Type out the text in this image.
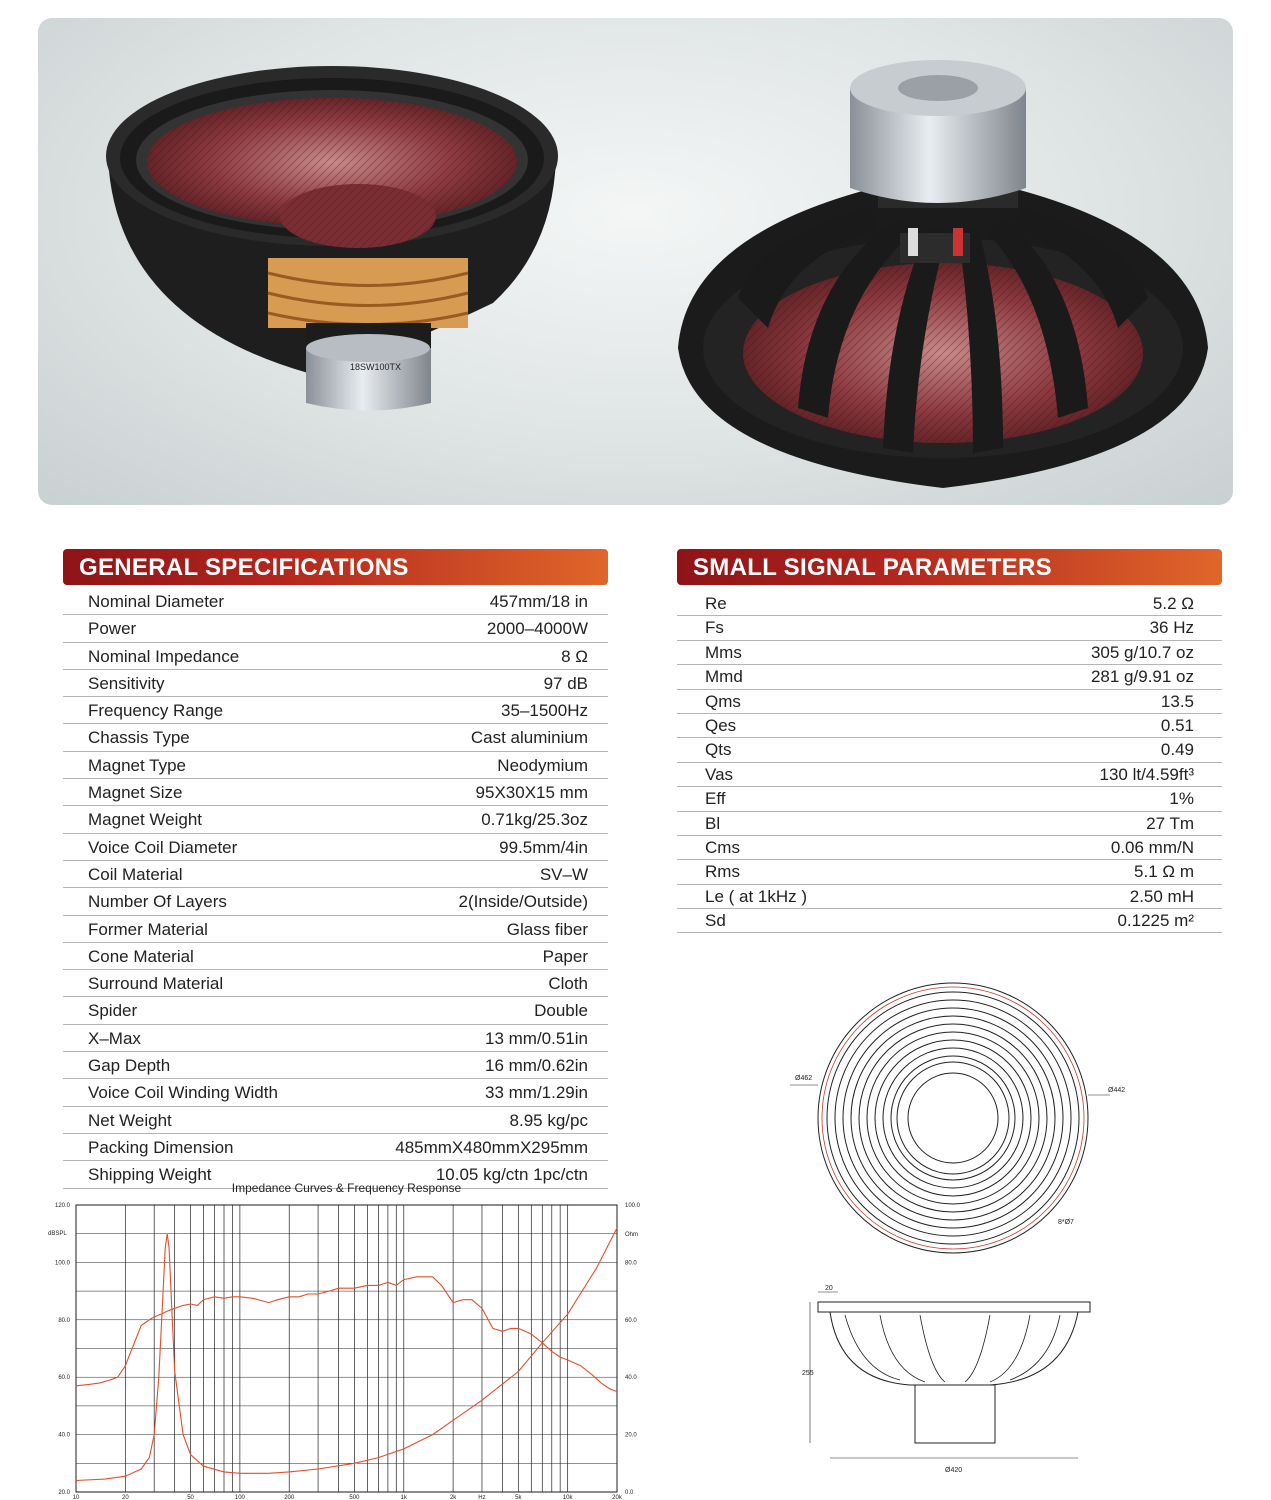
18SW100TX
GENERAL SPECIFICATIONS
Nominal Diameter	457mm/18 in
Power	2000–4000W
Nominal Impedance	8 Ω
Sensitivity	97 dB
Frequency Range	35–1500Hz
Chassis Type	Cast aluminium
Magnet Type	Neodymium
Magnet Size	95X30X15 mm
Magnet Weight	0.71kg/25.3oz
Voice Coil Diameter	99.5mm/4in
Coil Material	SV–W
Number Of Layers	2(Inside/Outside)
Former Material	Glass fiber
Cone Material	Paper
Surround Material	Cloth
Spider	Double
X–Max	13 mm/0.51in
Gap Depth	16 mm/0.62in
Voice Coil Winding Width	33 mm/1.29in
Net Weight	8.95 kg/pc
Packing Dimension	485mmX480mmX295mm
Shipping Weight	10.05 kg/ctn 1pc/ctn
SMALL SIGNAL PARAMETERS
Re	5.2 Ω
Fs	36 Hz
Mms	305 g/10.7 oz
Mmd	281 g/9.91 oz
Qms	13.5
Qes	0.51
Qts	0.49
Vas	130 lt/4.59ft³
Eff	1%
Bl	27 Tm
Cms	0.06 mm/N
Rms	5.1 Ω m
Le ( at 1kHz )	2.50 mH
Sd	0.1225 m²
Impedance Curves & Frequency Response
20.0
40.0
60.0
80.0
100.0
120.0
0.0
20.0
40.0
60.0
80.0
100.0
dBSPL	Ohm
10	20	50	100	200	500	1k	2k	Hz	5k	10k	20k
Ø462
Ø442
8*Ø7
20
255
Ø420
